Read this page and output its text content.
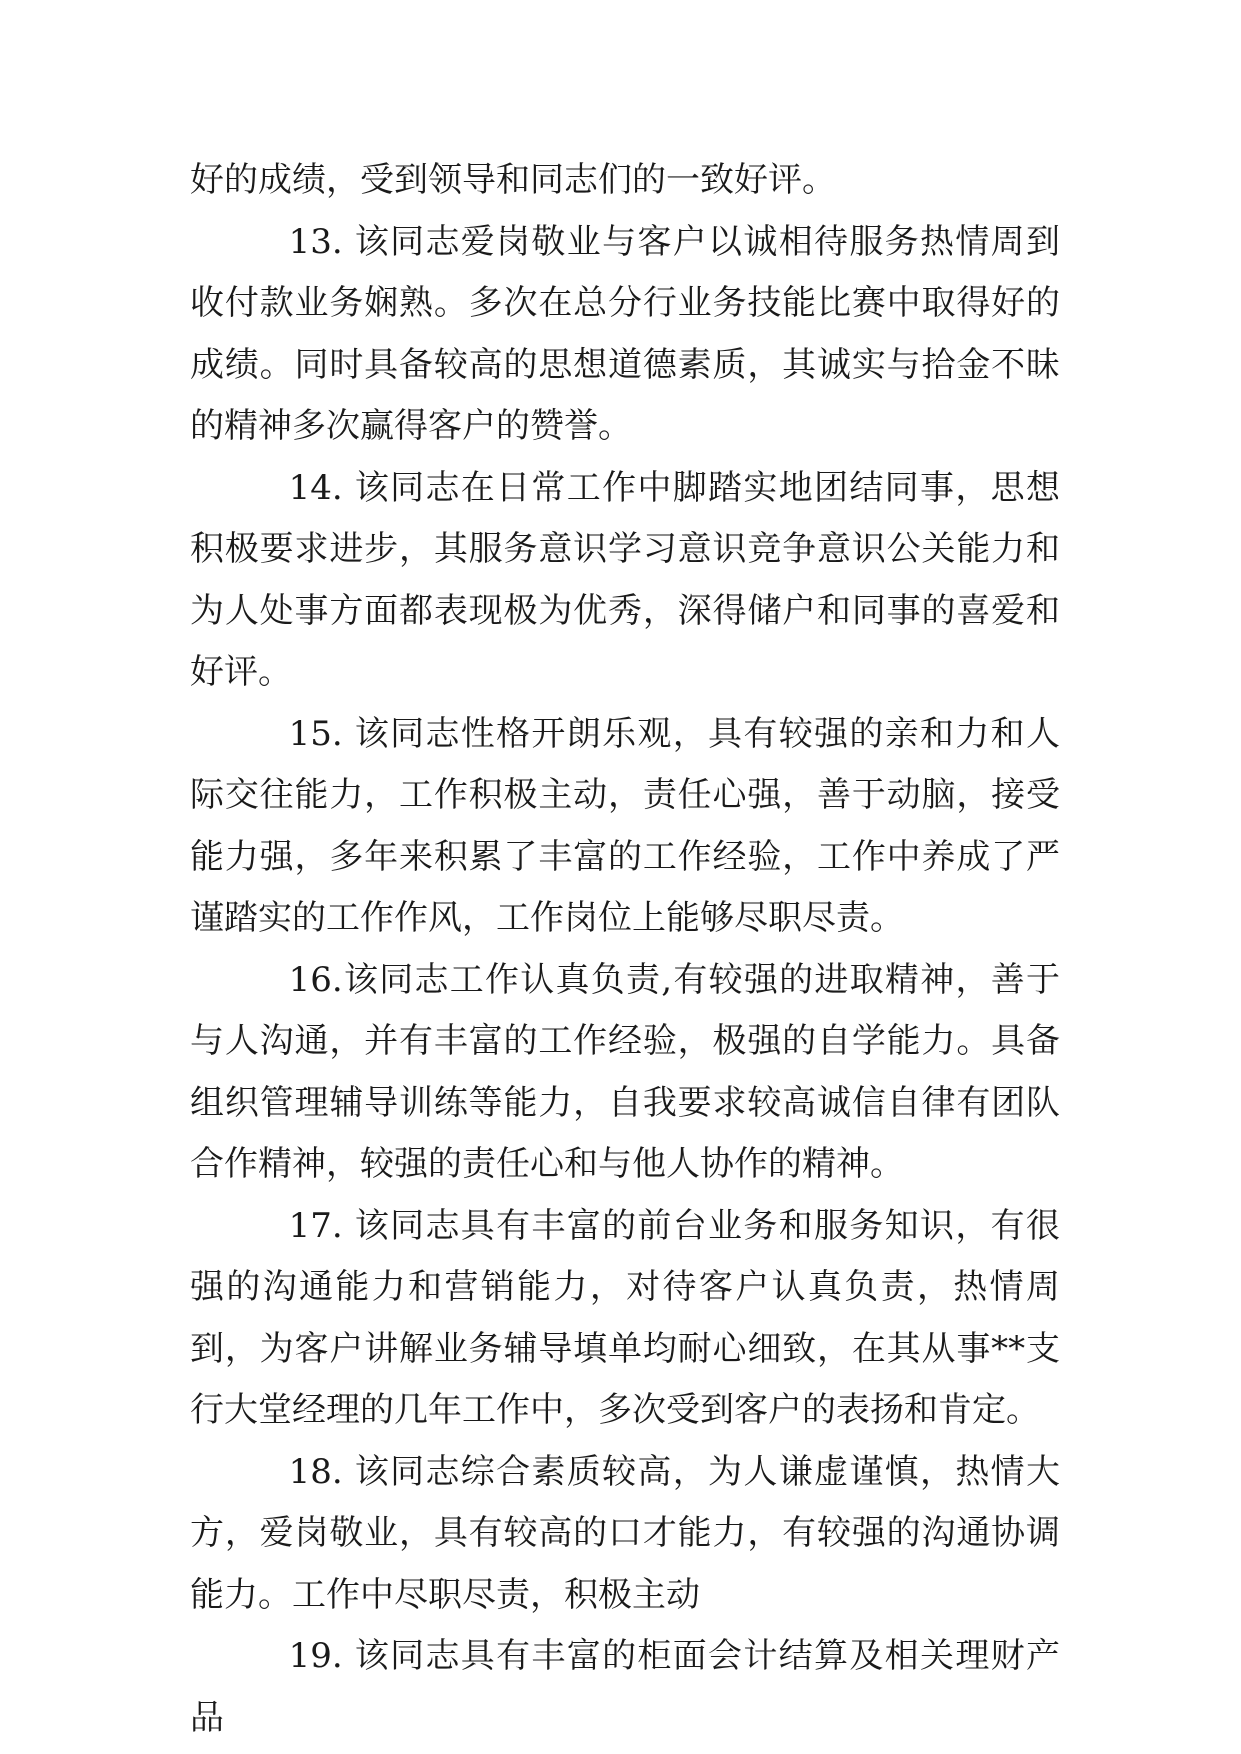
好的成绩，受到领导和同志们的一致好评。

13. 该同志爱岗敬业与客户以诚相待服务热情周到收付款业务娴熟。多次在总分行业务技能比赛中取得好的成绩。同时具备较高的思想道德素质，其诚实与拾金不昧的精神多次赢得客户的赞誉。

14. 该同志在日常工作中脚踏实地团结同事，思想积极要求进步，其服务意识学习意识竞争意识公关能力和为人处事方面都表现极为优秀，深得储户和同事的喜爱和好评。

15. 该同志性格开朗乐观，具有较强的亲和力和人际交往能力，工作积极主动，责任心强，善于动脑，接受能力强，多年来积累了丰富的工作经验，工作中养成了严谨踏实的工作作风，工作岗位上能够尽职尽责。

16.该同志工作认真负责,有较强的进取精神，善于与人沟通，并有丰富的工作经验，极强的自学能力。具备组织管理辅导训练等能力，自我要求较高诚信自律有团队合作精神，较强的责任心和与他人协作的精神。

17. 该同志具有丰富的前台业务和服务知识，有很强的沟通能力和营销能力，对待客户认真负责，热情周到，为客户讲解业务辅导填单均耐心细致，在其从事**支行大堂经理的几年工作中，多次受到客户的表扬和肯定。

18. 该同志综合素质较高，为人谦虚谨慎，热情大方，爱岗敬业，具有较高的口才能力，有较强的沟通协调能力。工作中尽职尽责，积极主动

19. 该同志具有丰富的柜面会计结算及相关理财产品
